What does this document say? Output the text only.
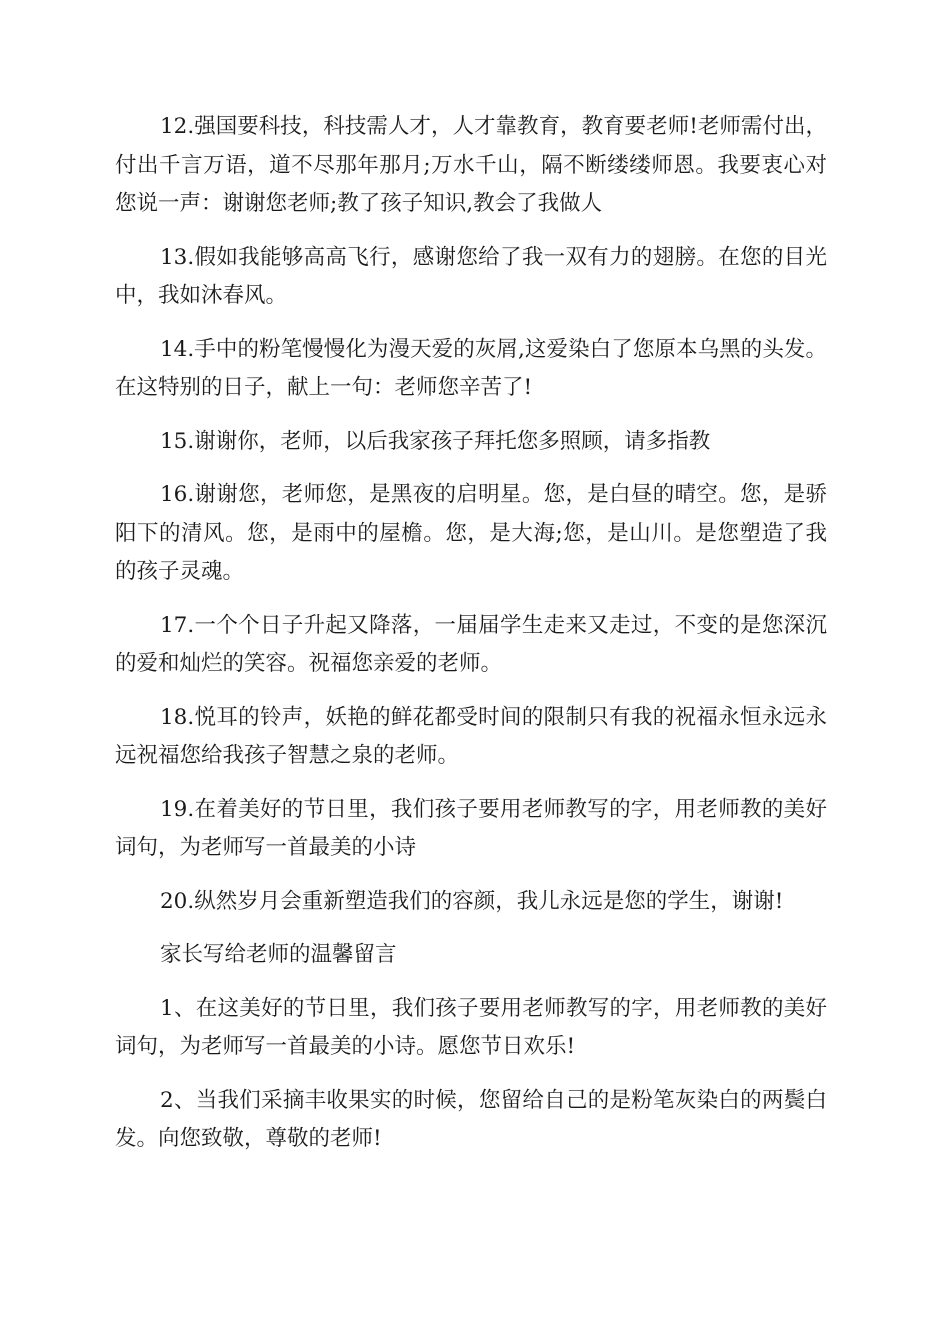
12.强国要科技，科技需人才，人才靠教育，教育要老师!老师需付出，付出千言万语，道不尽那年那月;万水千山，隔不断缕缕师恩。我要衷心对您说一声：谢谢您老师;教了孩子知识,教会了我做人

13.假如我能够高高飞行，感谢您给了我一双有力的翅膀。在您的目光中，我如沐春风。

14.手中的粉笔慢慢化为漫天爱的灰屑,这爱染白了您原本乌黑的头发。在这特别的日子，献上一句：老师您辛苦了!

15.谢谢你，老师，以后我家孩子拜托您多照顾，请多指教

16.谢谢您，老师您，是黑夜的启明星。您，是白昼的晴空。您，是骄阳下的清风。您，是雨中的屋檐。您，是大海;您，是山川。是您塑造了我的孩子灵魂。

17.一个个日子升起又降落，一届届学生走来又走过，不变的是您深沉的爱和灿烂的笑容。祝福您亲爱的老师。

18.悦耳的铃声，妖艳的鲜花都受时间的限制只有我的祝福永恒永远永远祝福您给我孩子智慧之泉的老师。

19.在着美好的节日里，我们孩子要用老师教写的字，用老师教的美好词句，为老师写一首最美的小诗

20.纵然岁月会重新塑造我们的容颜，我儿永远是您的学生，谢谢!

家长写给老师的温馨留言

1、在这美好的节日里，我们孩子要用老师教写的字，用老师教的美好词句，为老师写一首最美的小诗。愿您节日欢乐!

2、当我们采摘丰收果实的时候，您留给自己的是粉笔灰染白的两鬓白发。向您致敬，尊敬的老师!
